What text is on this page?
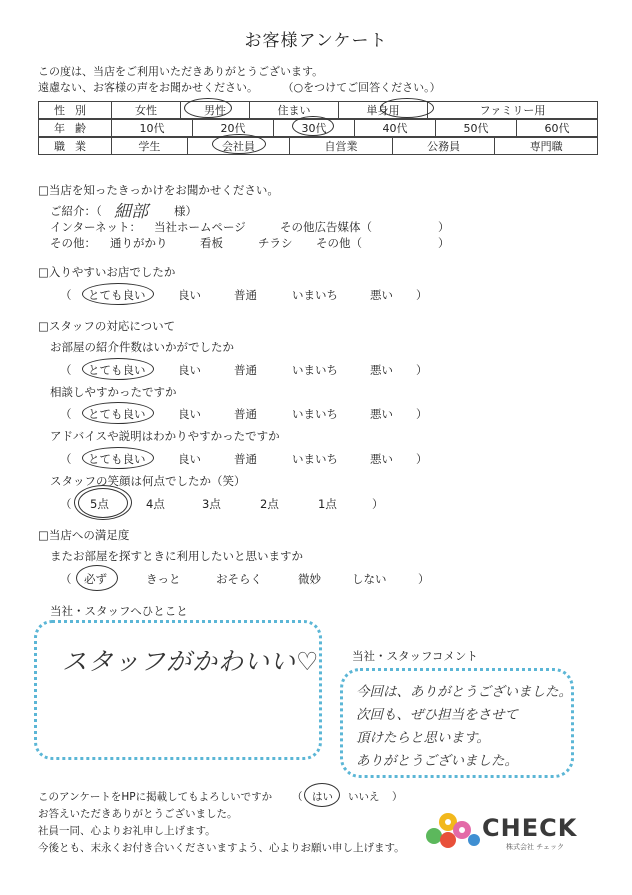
お客様アンケート
この度は、当店をご利用いただきありがとうございます。
遠慮ない、お客様の声をお聞かせください。	（○をつけてご回答ください。）
性別	女性	男性	住まい	単身用	ファミリー用
年齢	10代	20代	30代	40代	50代	60代
職業	学生	会社員	自営業	公務員	専門職
□当店を知ったきっかけをお聞かせください。
ご紹介：（ 細部 様）
インターネット： 当社ホームページ	その他広告媒体（	）
その他： 通りがかり	看板	チラシ その他（	）
□入りやすいお店でしたか
（ とても良い	良い	普通	いまいち	悪い ）
□スタッフの対応について
お部屋の紹介件数はいかがでしたか
（ とても良い	良い	普通	いまいち	悪い ）
相談しやすかったですか
（ とても良い	良い	普通	いまいち	悪い ）
アドバイスや説明はわかりやすかったですか
（ とても良い	良い	普通	いまいち	悪い ）
スタッフの笑顔は何点でしたか（笑）
（ 5点	4点	3点	2点	1点	）
□当店への満足度
またお部屋を探すときに利用したいと思いますか
（ 必ず	きっと	おそらく	微妙	しない	）
当社・スタッフへひとこと
スタッフがかわいい♡	当社・スタッフコメント
今回は、ありがとうございました。
次回も、ぜひ担当をさせて
頂けたらと思います。
ありがとうございました。
このアンケートをHPに掲載してもよろしいですか （ はい いいえ ）
お答えいただきありがとうございました。
社員一同、心よりお礼申し上げます。
今後とも、末永くお付き合いくださいますよう、心よりお願い申し上げます。
CHECK
株式会社 チェック
